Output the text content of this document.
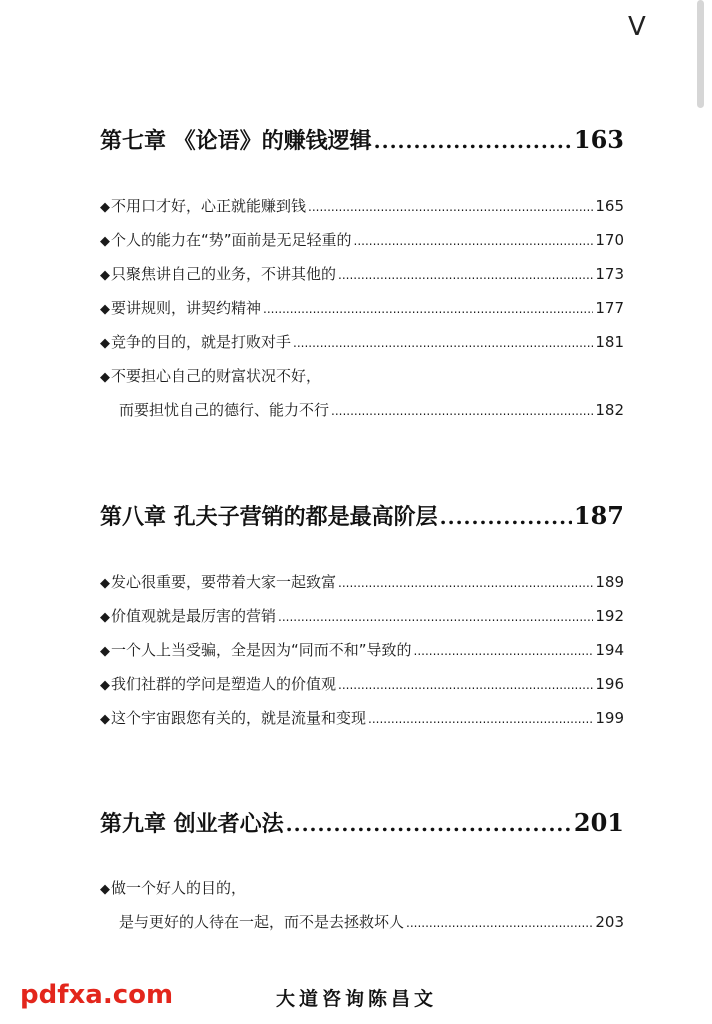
V
第七章 《论语》的赚钱逻辑 .....	163
◆ 不用口才好，心正就能赚到钱 .....	165
◆ 个人的能力在“势”面前是无足轻重的 .....	170
◆ 只聚焦讲自己的业务，不讲其他的 .....	173
◆ 要讲规则，讲契约精神 .....	177
◆ 竞争的目的，就是打败对手 .....	181
◆ 不要担心自己的财富状况不好，
而要担忧自己的德行、能力不行 .....	182
第八章 孔夫子营销的都是最高阶层 .....	187
◆ 发心很重要，要带着大家一起致富 .....	189
◆ 价值观就是最厉害的营销 .....	192
◆ 一个人上当受骗，全是因为“同而不和”导致的 .....	194
◆ 我们社群的学问是塑造人的价值观 .....	196
◆ 这个宇宙跟您有关的，就是流量和变现 .....	199
第九章 创业者心法 .....	201
◆ 做一个好人的目的，
是与更好的人待在一起，而不是去拯救坏人 .....	203
pdfxa.com	大道咨询陈昌文
